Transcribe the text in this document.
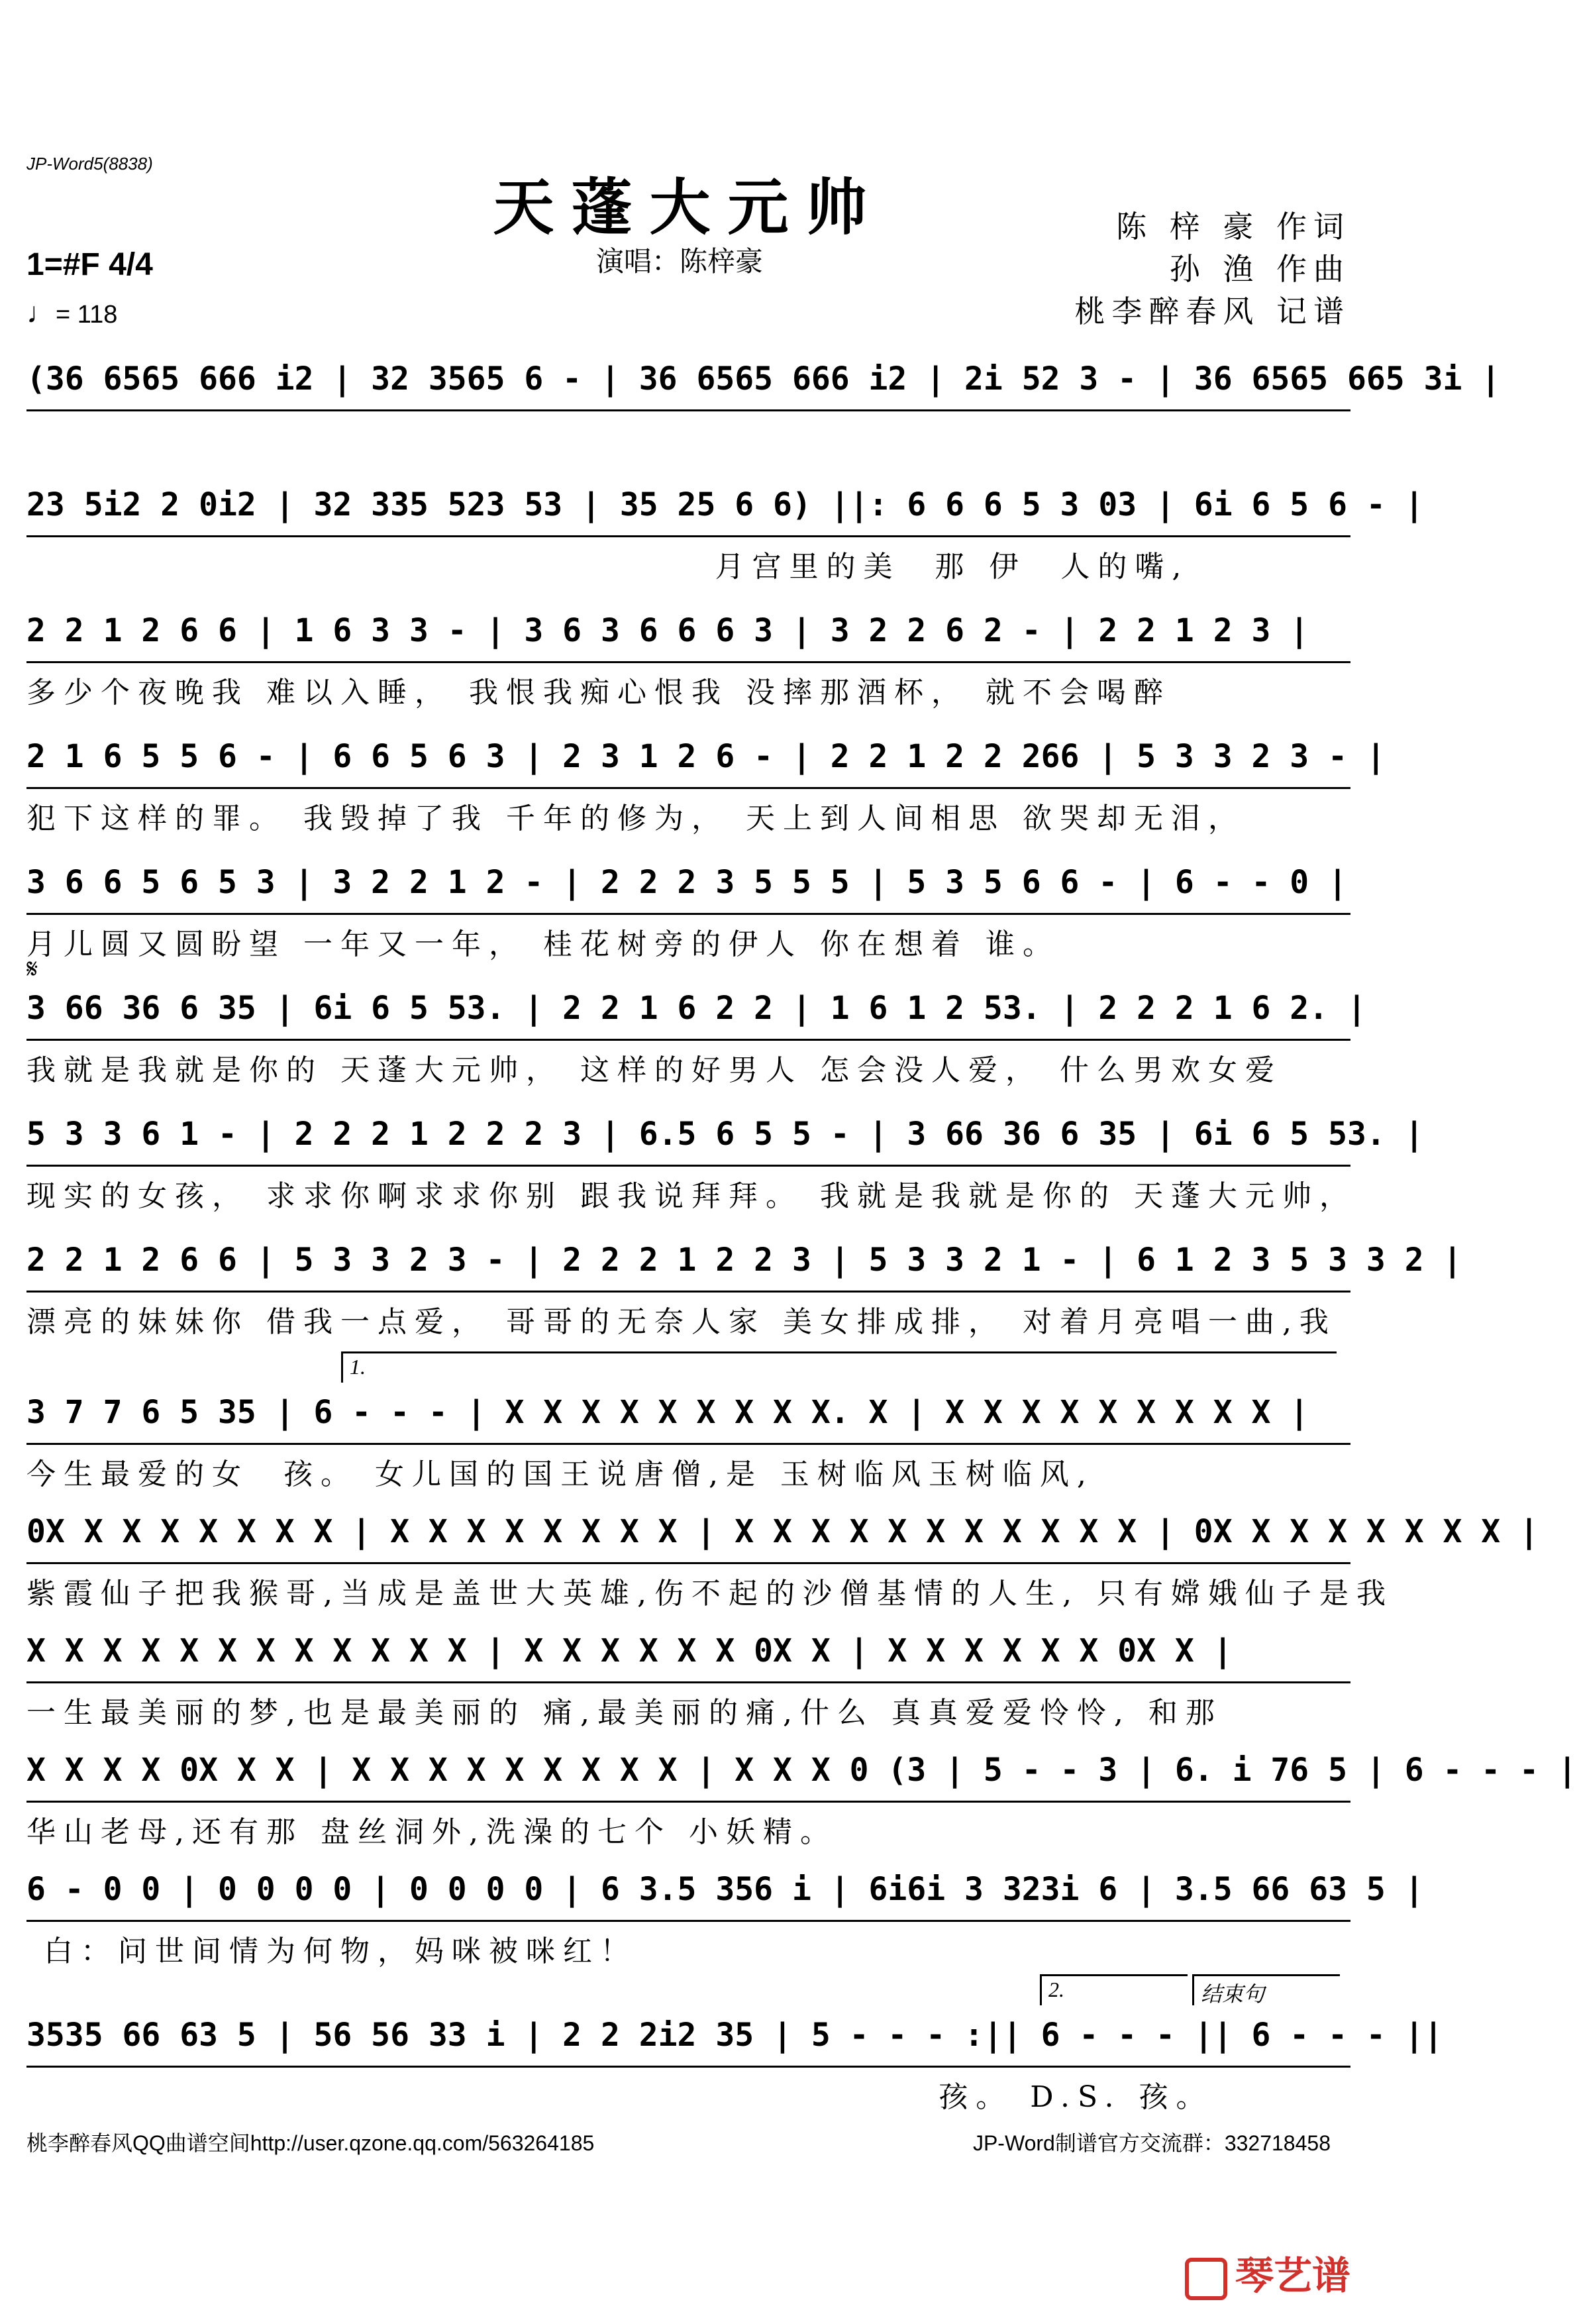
JP-Word5(8838)
天蓬大元帅
演唱：陈梓豪
陈 梓 豪 作词
孙 渔 作曲
桃李醉春风 记谱
1=#F 4/4
♩= 118
(36 6565 666 i2 | 32 3565 6 - | 36 6565 666 i2 | 2i 52 3 - | 36 6565 665 3i |
23 5i2 2 0i2 | 32 335 523 53 | 35 25 6 6) ||: 6 6 6 5 3 03 | 6i 6 5 6 - |
月宫里的美  那 伊  人的嘴,
2 2 1 2 6 6 | 1 6 3 3 - | 3 6 3 6 6 6 3 | 3 2 2 6 2 - | 2 2 1 2 3 |
多少个夜晚我 难以入睡， 我恨我痴心恨我 没摔那酒杯， 就不会喝醉
2 1 6 5 5 6 - | 6 6 5 6 3 | 2 3 1 2 6 - | 2 2 1 2 2 266 | 5 3 3 2 3 - |
犯下这样的罪。 我毁掉了我 千年的修为， 天上到人间相思 欲哭却无泪，
3 6 6 5 6 5 3 | 3 2 2 1 2 - | 2 2 2 3 5 5 5 | 5 3 5 6 6 - | 6 - - 0 |
月儿圆又圆盼望 一年又一年， 桂花树旁的伊人 你在想着 谁。
𝄋
3 66 36 6 35 | 6i 6 5 53. | 2 2 1 6 2 2 | 1 6 1 2 53. | 2 2 2 1 6 2. |
我就是我就是你的 天蓬大元帅， 这样的好男人 怎会没人爱， 什么男欢女爱
5 3 3 6 1 - | 2 2 2 1 2 2 2 3 | 6.5 6 5 5 - | 3 66 36 6 35 | 6i 6 5 53. |
现实的女孩， 求求你啊求求你别 跟我说拜拜。 我就是我就是你的 天蓬大元帅，
2 2 1 2 6 6 | 5 3 3 2 3 - | 2 2 2 1 2 2 3 | 5 3 3 2 1 - | 6 1 2 3 5 3 3 2 |
漂亮的妹妹你 借我一点爱， 哥哥的无奈人家 美女排成排， 对着月亮唱一曲,我
1.
3 7 7 6 5 35 | 6 - - - | X X X X X X X X X. X | X X X X X X X X X |
今生最爱的女  孩。 女儿国的国王说唐僧,是 玉树临风玉树临风,
0X X X X X X X X | X X X X X X X X | X X X X X X X X X X X | 0X X X X X X X X |
紫霞仙子把我猴哥,当成是盖世大英雄,伤不起的沙僧基情的人生, 只有嫦娥仙子是我
X X X X X X X X X X X X | X X X X X X 0X X | X X X X X X 0X X |
一生最美丽的梦,也是最美丽的 痛,最美丽的痛,什么 真真爱爱怜怜, 和那
X X X X 0X X X | X X X X X X X X X | X X X 0 (3 | 5 - - 3 | 6. i 76 5 | 6 - - - |
华山老母,还有那 盘丝洞外,洗澡的七个 小妖精。
6 - 0 0 | 0 0 0 0 | 0 0 0 0 | 6 3.5 356 i | 6i6i 3 323i 6 | 3.5 66 63 5 |
白：问世间情为何物，妈咪被咪红！
2.	结束句
3535 66 63 5 | 56 56 33 i | 2 2 2i2 35 | 5 - - - :|| 6 - - - || 6 - - - ||
孩。 D.S. 孩。
桃李醉春风QQ曲谱空间http://user.qzone.qq.com/563264185	JP-Word制谱官方交流群：332718458
琴艺谱
